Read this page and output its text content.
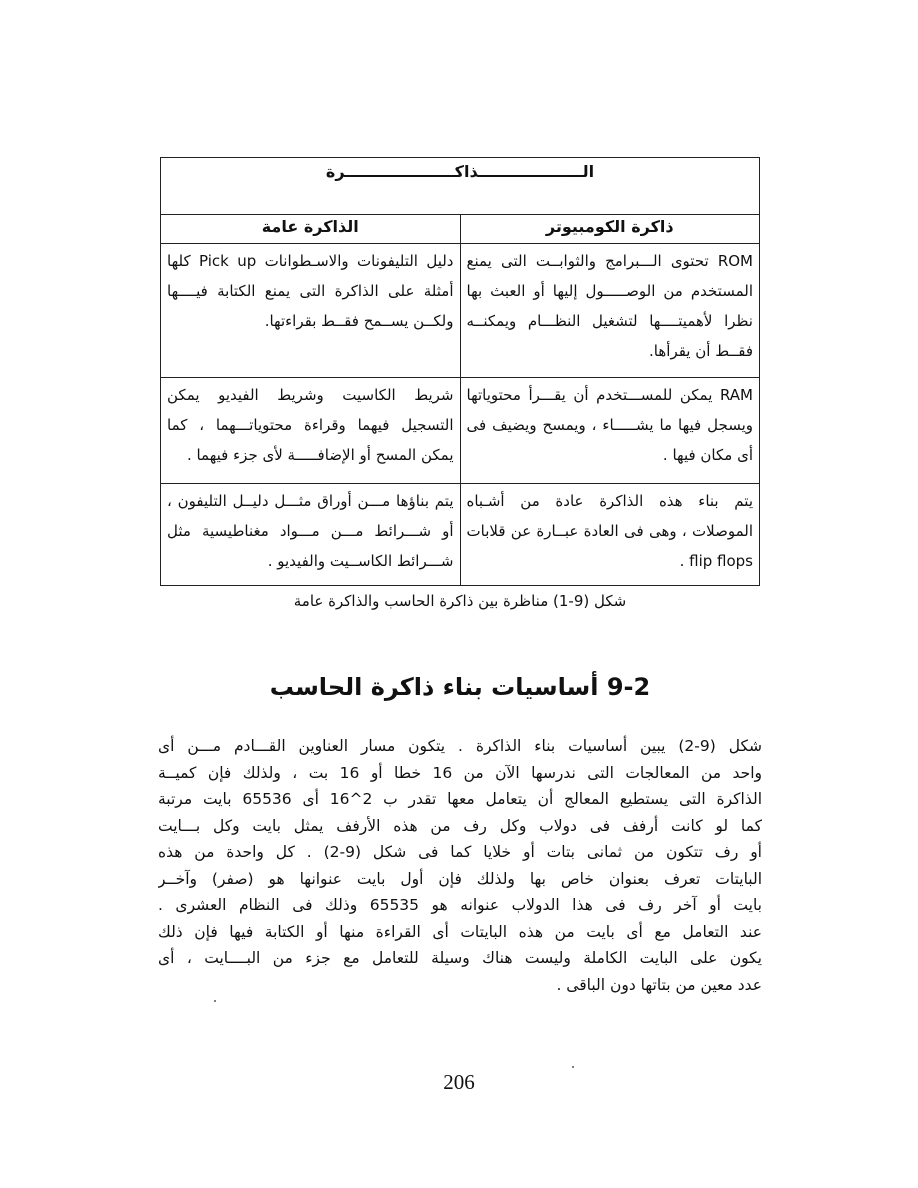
الـــــــــــــــــــذاكــــــــــــــــــــرة	
ذاكرة الكومبيوتر	الذاكرة عامة
ROM تحتوى الـــبرامج والثوابــت التى يمنع المستخدم من الوصـــــول إليها أو العبث بها نظرا لأهميتــــها لتشغيل النظـــام ويمكنــه فقــط أن يقرأها.	دليل التليفونات والاسـطوانات Pick up كلها أمثلة على الذاكرة التى يمنع الكتابة فيــــها ولكــن يســمح فقــط بقراءتها.
RAM يمكن للمســـتخدم أن يقـــرأ محتوياتها ويسجل فيها ما يشـــــاء ، ويمسح ويضيف فى أى مكان فيها .	شريط الكاسيت وشريط الفيديو يمكن التسجيل فيهما وقراءة محتوياتـــهما ، كما يمكن المسح أو الإضافـــــة لأى جزء فيهما .
يتم بناء هذه الذاكرة عادة من أشـباه الموصلات ، وهى فى العادة عبــارة عن قلابات flip flops .	يتم بناؤها مـــن أوراق مثـــل دليــل التليفون ، أو شـــرائط مـــن مـــواد مغناطيسية مثل شـــرائط الكاســيت والفيديو .
شكل (9-1) مناظرة بين ذاكرة الحاسب والذاكرة عامة
9-2 أساسيات بناء ذاكرة الحاسب
شكل (9-2) يبين أساسيات بناء الذاكرة . يتكون مسار العناوين القـــادم مـــن أى
واحد من المعالجات التى ندرسها الآن من 16 خطا أو 16 بت ، ولذلك فإن كميــة
الذاكرة التى يستطيع المعالج أن يتعامل معها تقدر ب 2^16 أى 65536 بايت مرتبة
كما لو كانت أرفف فى دولاب وكل رف من هذه الأرفف يمثل بايت وكل بـــايت
أو رف تتكون من ثمانى بتات أو خلايا كما فى شكل (9-2) . كل واحدة من هذه
البايتات تعرف بعنوان خاص بها ولذلك فإن أول بايت عنوانها هو (صفر) وآخــر
بايت أو آخر رف فى هذا الدولاب عنوانه هو 65535 وذلك فى النظام العشرى .
عند التعامل مع أى بايت من هذه البايتات أى القراءة منها أو الكتابة فيها فإن ذلك
يكون على البايت الكاملة وليست هناك وسيلة للتعامل مع جزء من البــــايت ، أى
عدد معين من بتاتها دون الباقى .
206
